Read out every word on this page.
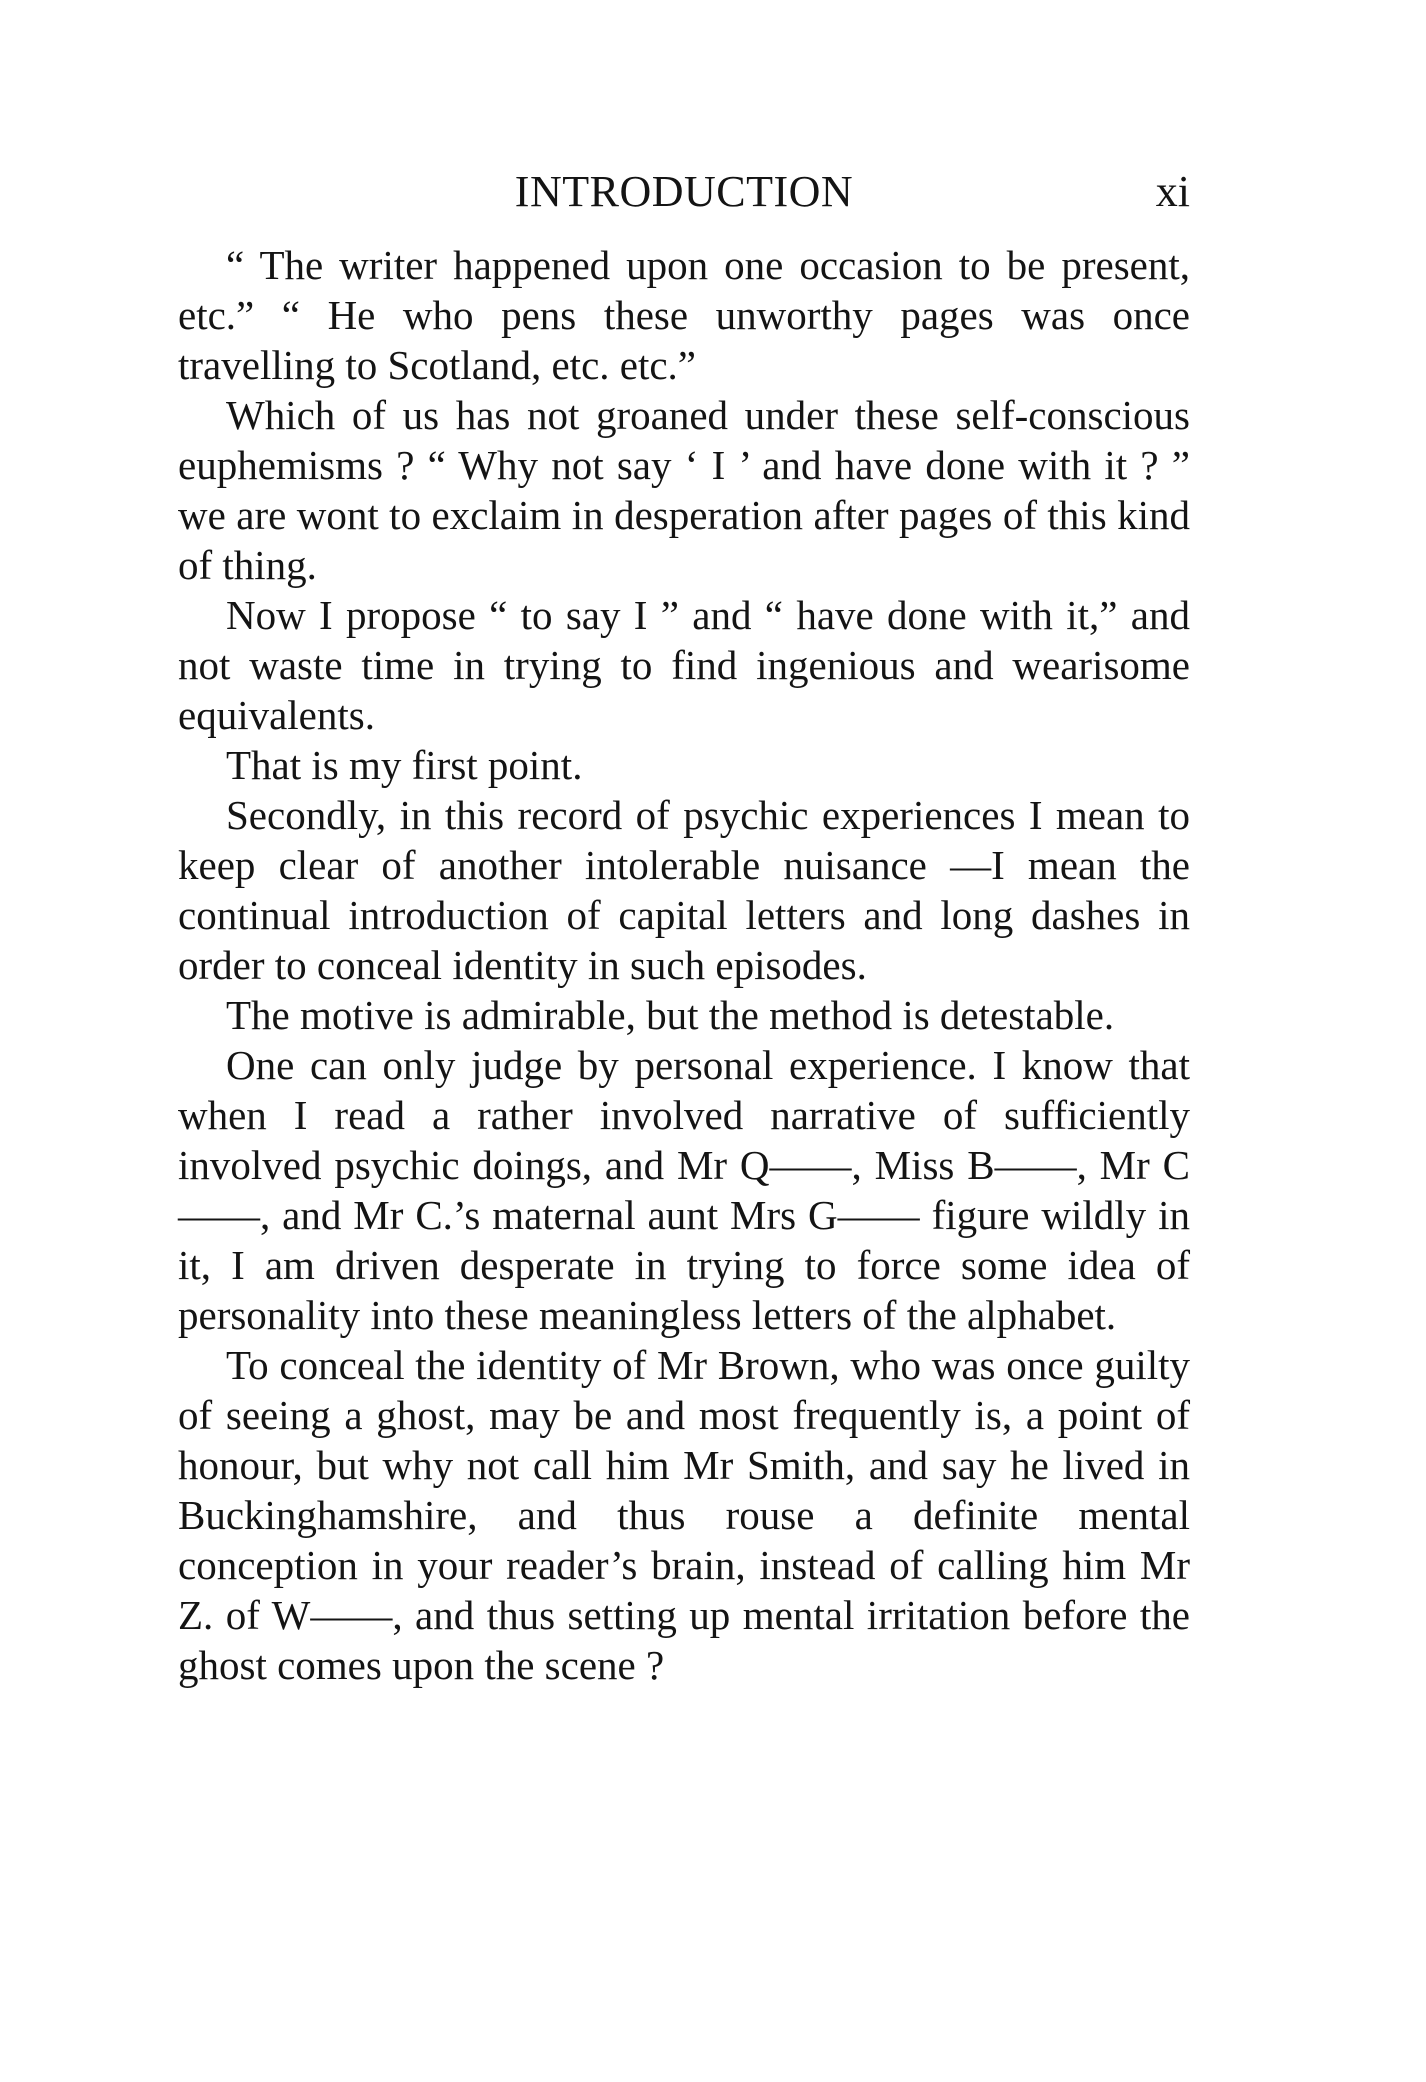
INTRODUCTION	xi

“ The writer happened upon one occasion to be present, etc.” “ He who pens these unworthy pages was once travelling to Scotland, etc. etc.”

Which of us has not groaned under these self-conscious euphemisms ? “ Why not say ‘ I ’ and have done with it ? ” we are wont to exclaim in desperation after pages of this kind of thing.

Now I propose “ to say I ” and “ have done with it,” and not waste time in trying to find ingenious and wearisome equivalents.

That is my first point.

Secondly, in this record of psychic experiences I mean to keep clear of another intolerable nuisance —I mean the continual introduction of capital letters and long dashes in order to conceal identity in such episodes.

The motive is admirable, but the method is detestable.

One can only judge by personal experience. I know that when I read a rather involved narrative of sufficiently involved psychic doings, and Mr Q——, Miss B——, Mr C——, and Mr C.’s maternal aunt Mrs G—— figure wildly in it, I am driven desperate in trying to force some idea of personality into these meaningless letters of the alphabet.

To conceal the identity of Mr Brown, who was once guilty of seeing a ghost, may be and most frequently is, a point of honour, but why not call him Mr Smith, and say he lived in Buckinghamshire, and thus rouse a definite mental conception in your reader’s brain, instead of calling him Mr Z. of W——, and thus setting up mental irritation before the ghost comes upon the scene ?
